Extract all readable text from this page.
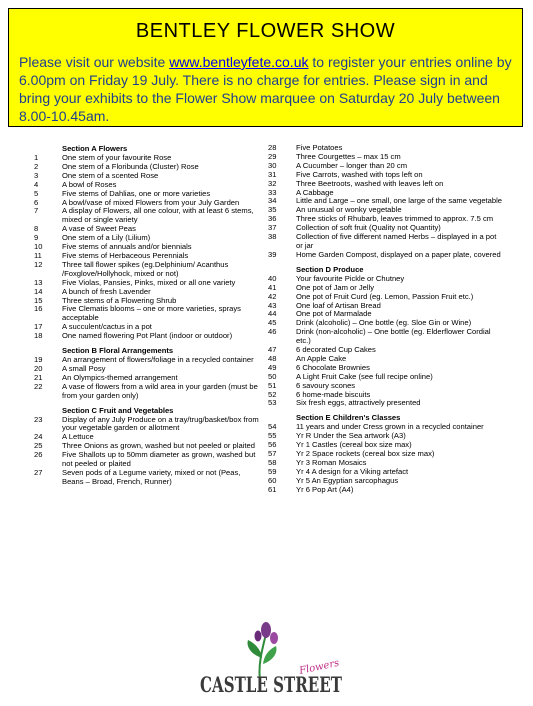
BENTLEY FLOWER SHOW
Please visit our website www.bentleyfete.co.uk to register your entries online by 6.00pm on Friday 19 July. There is no charge for entries. Please sign in and bring your exhibits to the Flower Show marquee on Saturday 20 July between 8.00-10.45am.
Section A Flowers
1	One stem of your favourite Rose
2	One stem of a Floribunda (Cluster) Rose
3	One stem of a scented Rose
4	A bowl of Roses
5	Five stems of Dahlias, one or more varieties
6	A bowl/vase of mixed Flowers from your July Garden
7	A display of Flowers, all one colour, with at least 6 stems, mixed or single variety
8	A vase of Sweet Peas
9	One stem of a Lily (Lilium)
10	Five stems of annuals and/or biennials
11	Five stems of Herbaceous Perennials
12	Three tall flower spikes (eg.Delphinium/ Acanthus /Foxglove/Hollyhock, mixed or not)
13	Five Violas, Pansies, Pinks, mixed or all one variety
14	A bunch of fresh Lavender
15	Three stems of a Flowering Shrub
16	Five Clematis blooms – one or more varieties, sprays acceptable
17	A succulent/cactus in a pot
18	One named flowering Pot Plant (indoor or outdoor)
Section B Floral Arrangements
19	An arrangement of flowers/foliage in a recycled container
20	A small Posy
21	An Olympics-themed arrangement
22	A vase of flowers from a wild area in your garden (must be from your garden only)
Section C Fruit and Vegetables
23	Display of any July Produce on a tray/trug/basket/box from your vegetable garden or allotment
24	A Lettuce
25	Three Onions as grown, washed but not peeled or plaited
26	Five Shallots up to 50mm diameter as grown, washed but not peeled or plaited
27	Seven pods of a Legume variety, mixed or not (Peas, Beans – Broad, French, Runner)
28	Five Potatoes
29	Three Courgettes – max 15 cm
30	A Cucumber – longer than 20 cm
31	Five Carrots, washed with tops left on
32	Three Beetroots, washed with leaves left on
33	A Cabbage
34	Little and Large – one small, one large of the same vegetable
35	An unusual or wonky vegetable
36	Three sticks of Rhubarb, leaves trimmed to approx. 7.5 cm
37	Collection of soft fruit (Quality not Quantity)
38	Collection of five different named Herbs – displayed in a pot or jar
39	Home Garden Compost, displayed on a paper plate, covered
Section D Produce
40	Your favourite Pickle or Chutney
41	One pot of Jam or Jelly
42	One pot of Fruit Curd (eg. Lemon, Passion Fruit etc.)
43	One loaf of Artisan Bread
44	One pot of Marmalade
45	Drink (alcoholic) – One bottle (eg. Sloe Gin or Wine)
46	Drink (non-alcoholic) – One bottle (eg. Elderflower Cordial etc.)
47	6 decorated Cup Cakes
48	An Apple Cake
49	6 Chocolate Brownies
50	A Light Fruit Cake (see full recipe online)
51	6 savoury scones
52	6 home-made biscuits
53	Six fresh eggs, attractively presented
Section E Children's Classes
54	11 years and under Cress grown in a recycled container
55	Yr R Under the Sea artwork (A3)
56	Yr 1 Castles (cereal box size max)
57	Yr 2 Space rockets (cereal box size max)
58	Yr 3 Roman Mosaics
59	Yr 4 A design for a Viking artefact
60	Yr 5 An Egyptian sarcophagus
61	Yr 6 Pop Art (A4)
Flowers
CASTLE STREET
